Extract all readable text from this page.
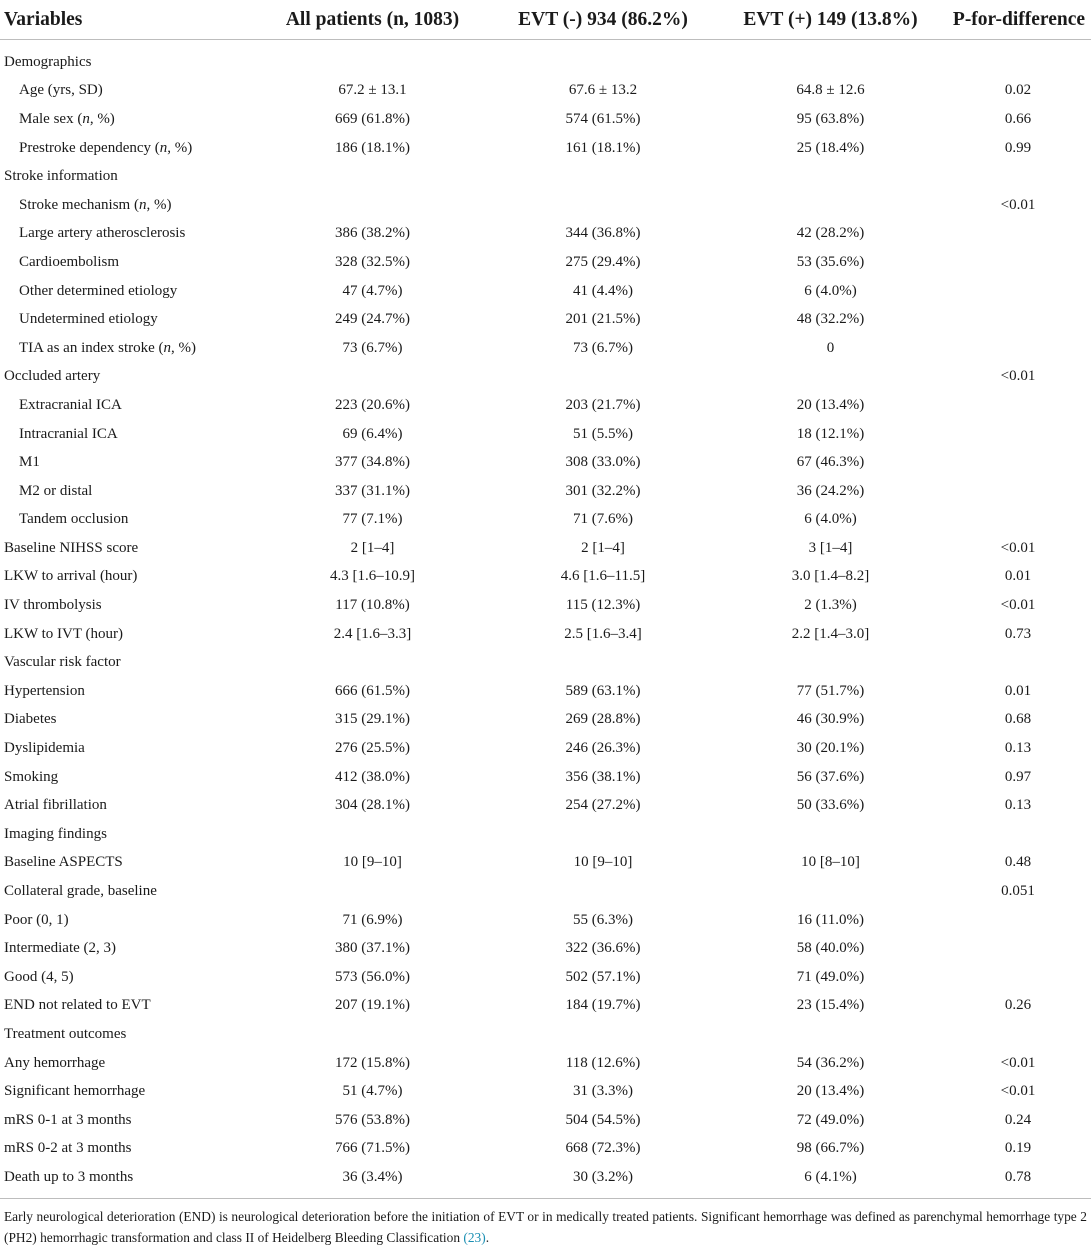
Variables	All patients (n, 1083)	EVT (-) 934 (86.2%)	EVT (+) 149 (13.8%)	P-for-difference
Demographics				
Age (yrs, SD)	67.2 ± 13.1	67.6 ± 13.2	64.8 ± 12.6	0.02
Male sex (n, %)	669 (61.8%)	574 (61.5%)	95 (63.8%)	0.66
Prestroke dependency (n, %)	186 (18.1%)	161 (18.1%)	25 (18.4%)	0.99
Stroke information				
Stroke mechanism (n, %)				<0.01
Large artery atherosclerosis	386 (38.2%)	344 (36.8%)	42 (28.2%)	
Cardioembolism	328 (32.5%)	275 (29.4%)	53 (35.6%)	
Other determined etiology	47 (4.7%)	41 (4.4%)	6 (4.0%)	
Undetermined etiology	249 (24.7%)	201 (21.5%)	48 (32.2%)	
TIA as an index stroke (n, %)	73 (6.7%)	73 (6.7%)	0	
Occluded artery				<0.01
Extracranial ICA	223 (20.6%)	203 (21.7%)	20 (13.4%)	
Intracranial ICA	69 (6.4%)	51 (5.5%)	18 (12.1%)	
M1	377 (34.8%)	308 (33.0%)	67 (46.3%)	
M2 or distal	337 (31.1%)	301 (32.2%)	36 (24.2%)	
Tandem occlusion	77 (7.1%)	71 (7.6%)	6 (4.0%)	
Baseline NIHSS score	2 [1–4]	2 [1–4]	3 [1–4]	<0.01
LKW to arrival (hour)	4.3 [1.6–10.9]	4.6 [1.6–11.5]	3.0 [1.4–8.2]	0.01
IV thrombolysis	117 (10.8%)	115 (12.3%)	2 (1.3%)	<0.01
LKW to IVT (hour)	2.4 [1.6–3.3]	2.5 [1.6–3.4]	2.2 [1.4–3.0]	0.73
Vascular risk factor				
Hypertension	666 (61.5%)	589 (63.1%)	77 (51.7%)	0.01
Diabetes	315 (29.1%)	269 (28.8%)	46 (30.9%)	0.68
Dyslipidemia	276 (25.5%)	246 (26.3%)	30 (20.1%)	0.13
Smoking	412 (38.0%)	356 (38.1%)	56 (37.6%)	0.97
Atrial fibrillation	304 (28.1%)	254 (27.2%)	50 (33.6%)	0.13
Imaging findings				
Baseline ASPECTS	10 [9–10]	10 [9–10]	10 [8–10]	0.48
Collateral grade, baseline				0.051
Poor (0, 1)	71 (6.9%)	55 (6.3%)	16 (11.0%)	
Intermediate (2, 3)	380 (37.1%)	322 (36.6%)	58 (40.0%)	
Good (4, 5)	573 (56.0%)	502 (57.1%)	71 (49.0%)	
END not related to EVT	207 (19.1%)	184 (19.7%)	23 (15.4%)	0.26
Treatment outcomes				
Any hemorrhage	172 (15.8%)	118 (12.6%)	54 (36.2%)	<0.01
Significant hemorrhage	51 (4.7%)	31 (3.3%)	20 (13.4%)	<0.01
mRS 0-1 at 3 months	576 (53.8%)	504 (54.5%)	72 (49.0%)	0.24
mRS 0-2 at 3 months	766 (71.5%)	668 (72.3%)	98 (66.7%)	0.19
Death up to 3 months	36 (3.4%)	30 (3.2%)	6 (4.1%)	0.78
Early neurological deterioration (END) is neurological deterioration before the initiation of EVT or in medically treated patients. Significant hemorrhage was defined as parenchymal hemorrhage type 2 (PH2) hemorrhagic transformation and class II of Heidelberg Bleeding Classification (23).
